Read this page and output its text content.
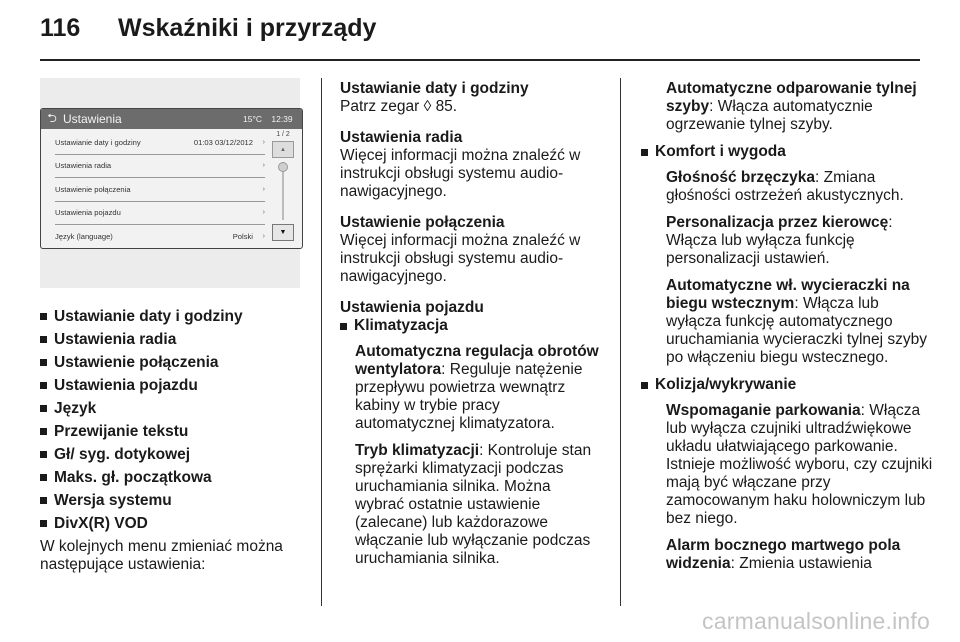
116	Wskaźniki i przyrządy
⮌ Ustawienia	15°C	12:39
Ustawianie daty i godziny	01:03 03/12/2012 ›
Ustawienia radia	›
Ustawienie połączenia	›
Ustawienia pojazdu	›
Język (language)	Polski ›
1 / 2
▲
▼
Ustawianie daty i godziny
Ustawienia radia
Ustawienie połączenia
Ustawienia pojazdu
Język
Przewijanie tekstu
Gł/ syg. dotykowej
Maks. gł. początkowa
Wersja systemu
DivX(R) VOD

W kolejnych menu zmieniać można następujące ustawienia:

Ustawianie daty i godziny

Patrz zegar ◊ 85.

Ustawienia radia

Więcej informacji można znaleźć w instrukcji obsługi systemu audio-nawigacyjnego.

Ustawienie połączenia

Więcej informacji można znaleźć w instrukcji obsługi systemu audio-nawigacyjnego.

Ustawienia pojazdu
Klimatyzacja

Automatyczna regulacja obrotów wentylatora: Reguluje natężenie przepływu powietrza wewnątrz kabiny w trybie pracy automatycznej klimatyzatora.

Tryb klimatyzacji: Kontroluje stan sprężarki klimatyzacji podczas uruchamiania silnika. Można wybrać ostatnie ustawienie (zalecane) lub każdorazowe włączanie lub wyłączanie podczas uruchamiania silnika.

Automatyczne odparowanie tylnej szyby: Włącza automatycznie ogrzewanie tylnej szyby.

Komfort i wygoda

Głośność brzęczyka: Zmiana głośności ostrzeżeń akustycznych.

Personalizacja przez kierowcę: Włącza lub wyłącza funkcję personalizacji ustawień.

Automatyczne wł. wycieraczki na biegu wstecznym: Włącza lub wyłącza funkcję automatycznego uruchamiania wycieraczki tylnej szyby po włączeniu biegu wstecznego.

Kolizja/wykrywanie

Wspomaganie parkowania: Włącza lub wyłącza czujniki ultradźwiękowe układu ułatwiającego parkowanie. Istnieje możliwość wyboru, czy czujniki mają być włączane przy zamocowanym haku holowniczym lub bez niego.

Alarm bocznego martwego pola widzenia: Zmienia ustawienia

carmanualsonline.info
